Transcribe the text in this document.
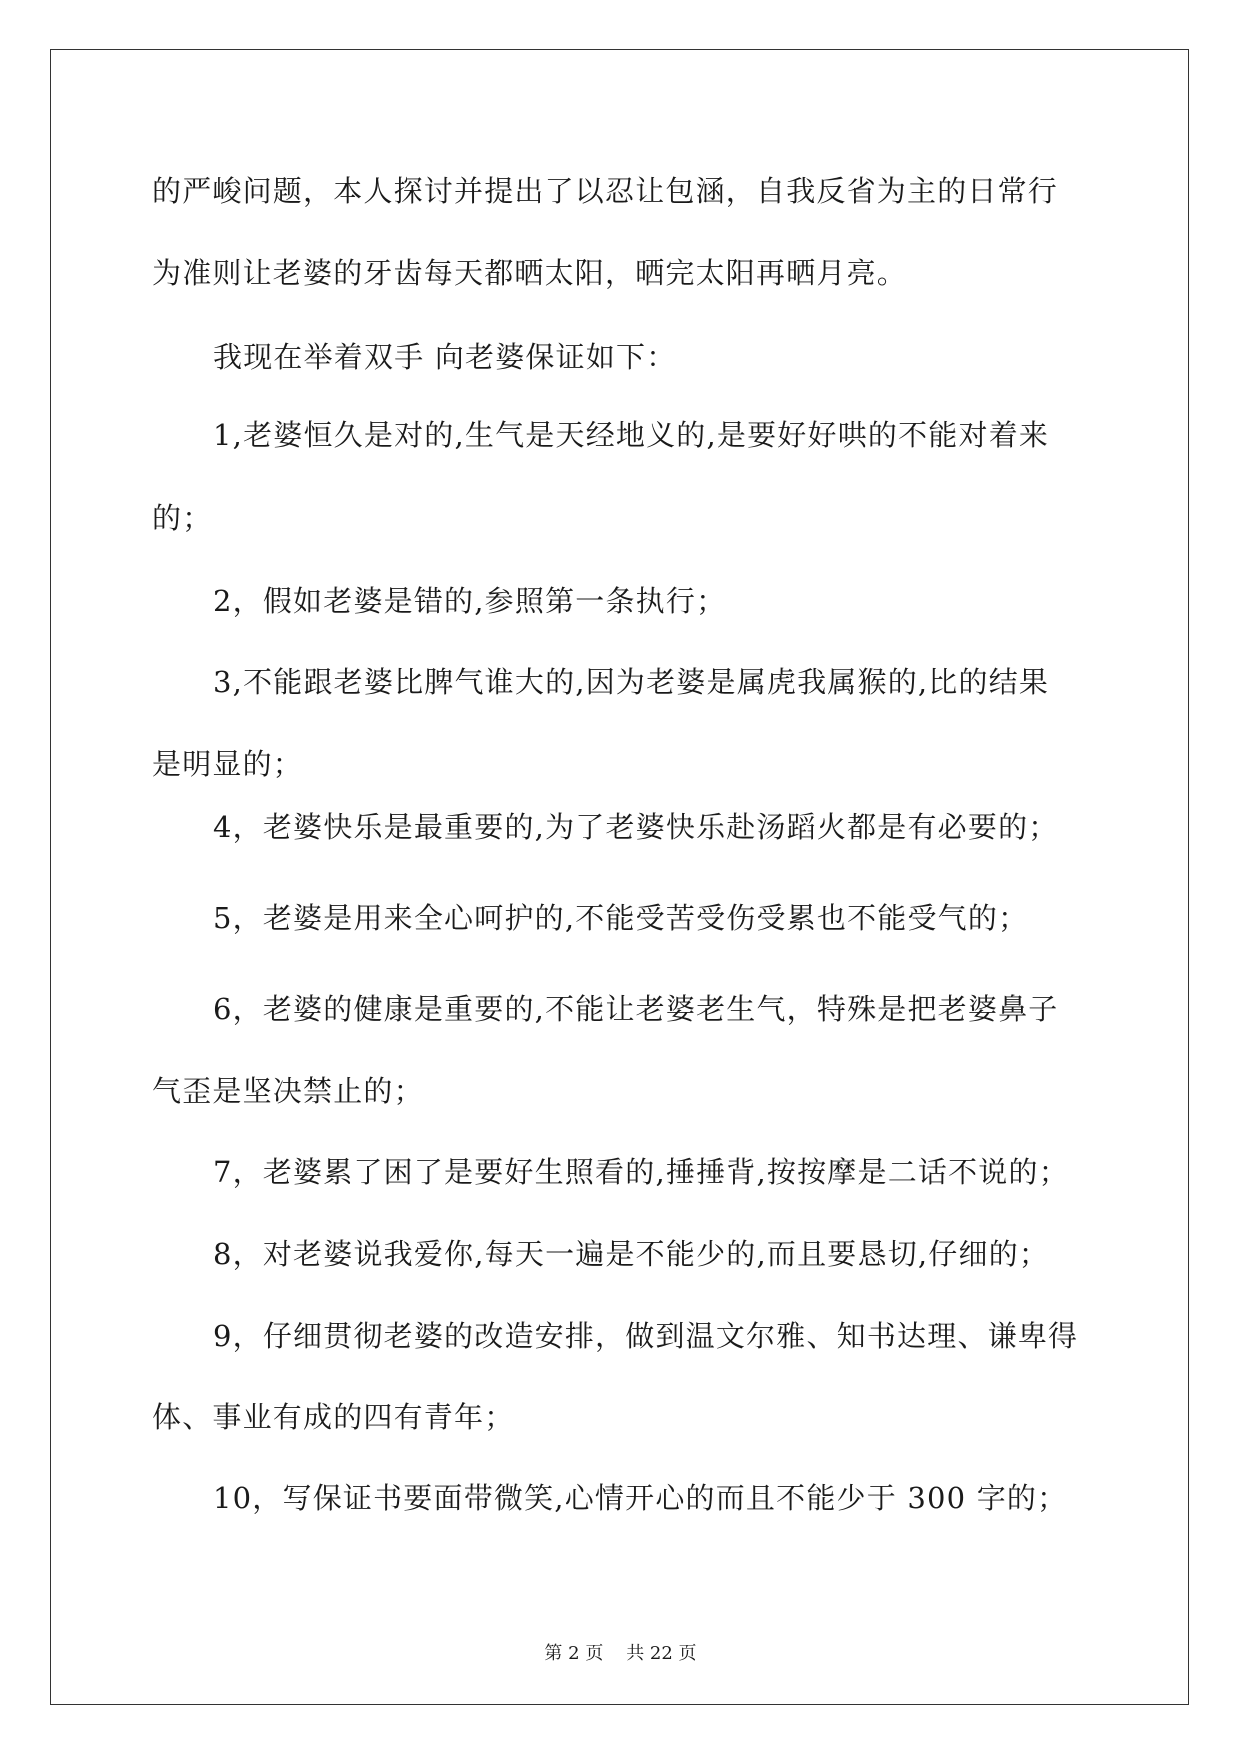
的严峻问题，本人探讨并提出了以忍让包涵，自我反省为主的日常行
为准则让老婆的牙齿每天都晒太阳，晒完太阳再晒月亮。
我现在举着双手 向老婆保证如下：
1,老婆恒久是对的,生气是天经地义的,是要好好哄的不能对着来
的；
2，假如老婆是错的,参照第一条执行；
3,不能跟老婆比脾气谁大的,因为老婆是属虎我属猴的,比的结果
是明显的；
4，老婆快乐是最重要的,为了老婆快乐赴汤蹈火都是有必要的；
5，老婆是用来全心呵护的,不能受苦受伤受累也不能受气的；
6，老婆的健康是重要的,不能让老婆老生气，特殊是把老婆鼻子
气歪是坚决禁止的；
7，老婆累了困了是要好生照看的,捶捶背,按按摩是二话不说的；
8，对老婆说我爱你,每天一遍是不能少的,而且要恳切,仔细的；
9，仔细贯彻老婆的改造安排，做到温文尔雅、知书达理、谦卑得
体、事业有成的四有青年；
10，写保证书要面带微笑,心情开心的而且不能少于 300 字的；
第 2 页    共 22 页
